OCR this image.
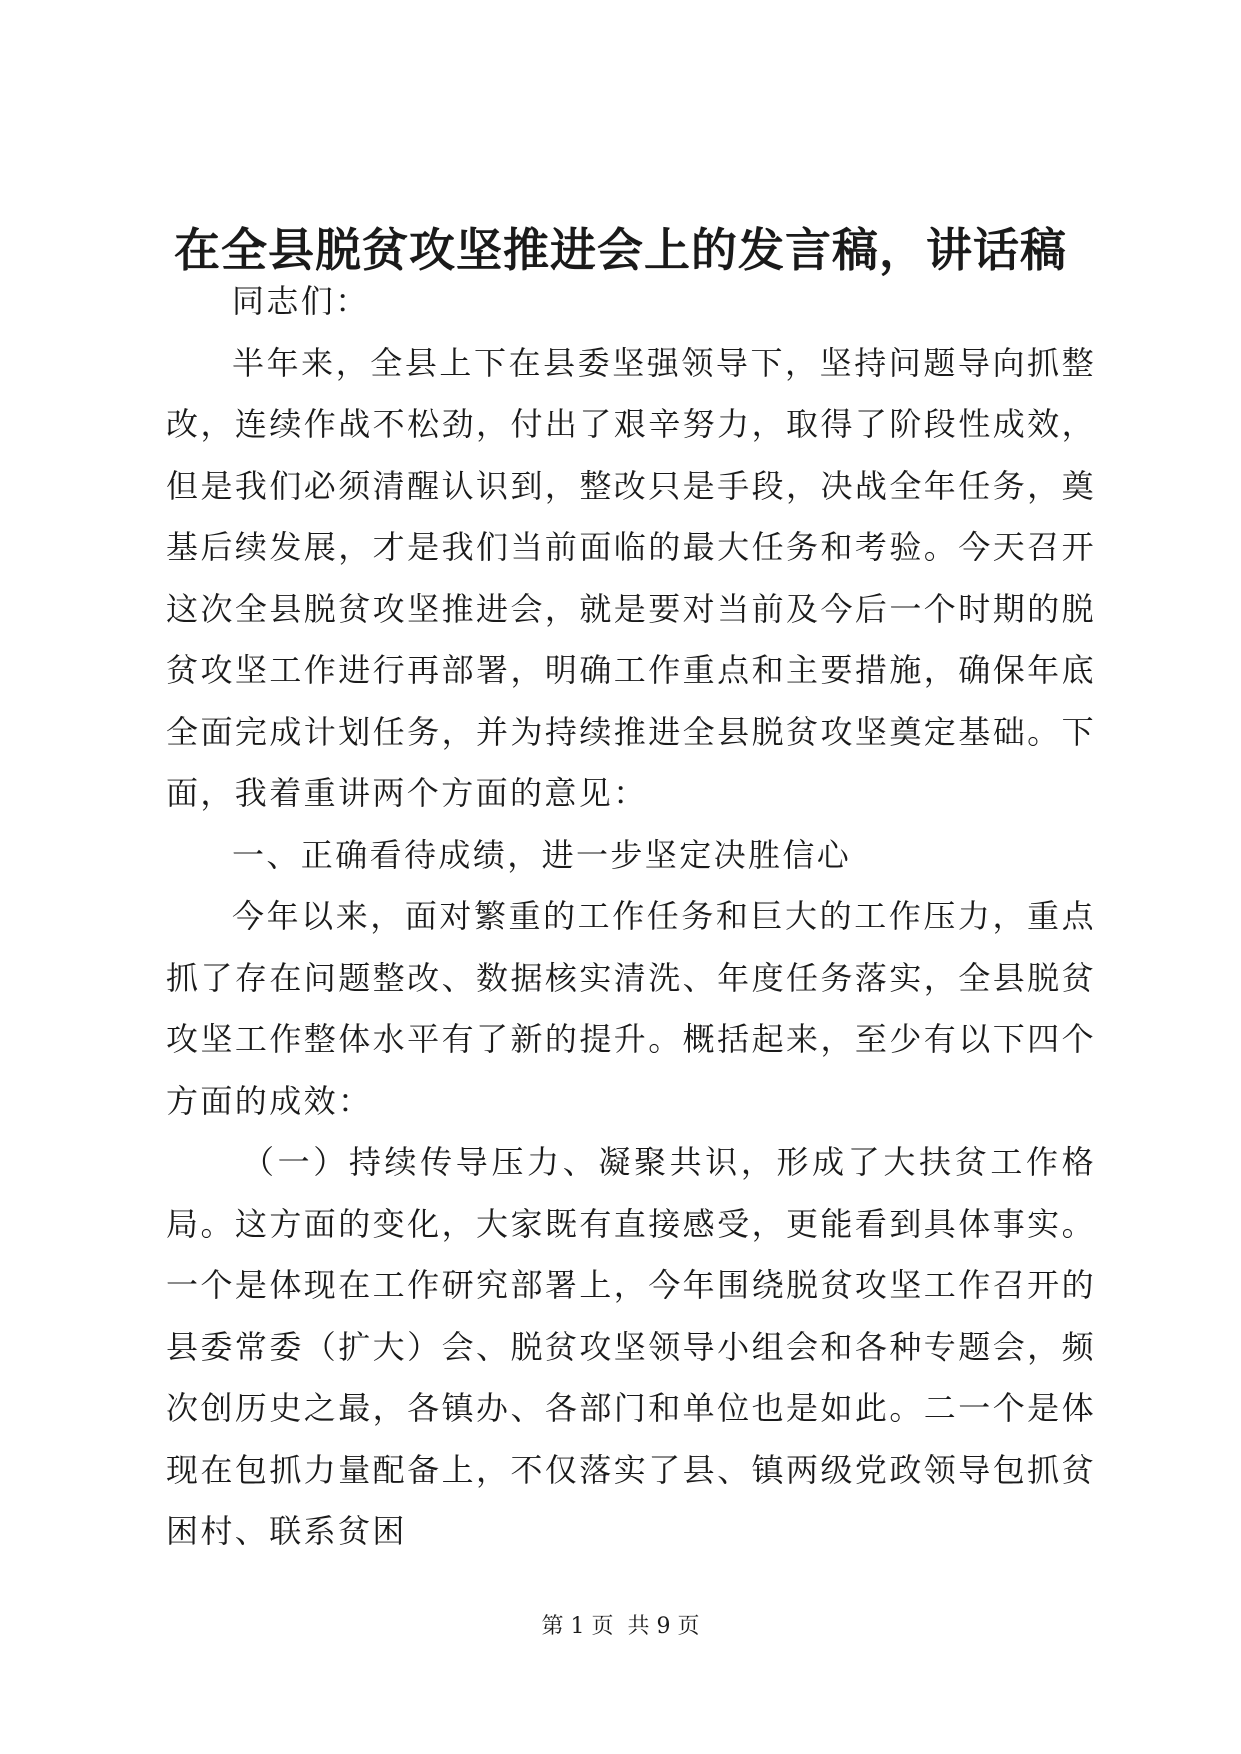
在全县脱贫攻坚推进会上的发言稿，讲话稿

同志们：

半年来，全县上下在县委坚强领导下，坚持问题导向抓整改，连续作战不松劲，付出了艰辛努力，取得了阶段性成效，但是我们必须清醒认识到，整改只是手段，决战全年任务，奠基后续发展，才是我们当前面临的最大任务和考验。今天召开这次全县脱贫攻坚推进会，就是要对当前及今后一个时期的脱贫攻坚工作进行再部署，明确工作重点和主要措施，确保年底全面完成计划任务，并为持续推进全县脱贫攻坚奠定基础。下面，我着重讲两个方面的意见：

一、正确看待成绩，进一步坚定决胜信心

今年以来，面对繁重的工作任务和巨大的工作压力，重点抓了存在问题整改、数据核实清洗、年度任务落实，全县脱贫攻坚工作整体水平有了新的提升。概括起来，至少有以下四个方面的成效：

（一）持续传导压力、凝聚共识，形成了大扶贫工作格局。这方面的变化，大家既有直接感受，更能看到具体事实。一个是体现在工作研究部署上，今年围绕脱贫攻坚工作召开的县委常委（扩大）会、脱贫攻坚领导小组会和各种专题会，频次创历史之最，各镇办、各部门和单位也是如此。二一个是体现在包抓力量配备上，不仅落实了县、镇两级党政领导包抓贫困村、联系贫困

第 1 页 共 9 页
